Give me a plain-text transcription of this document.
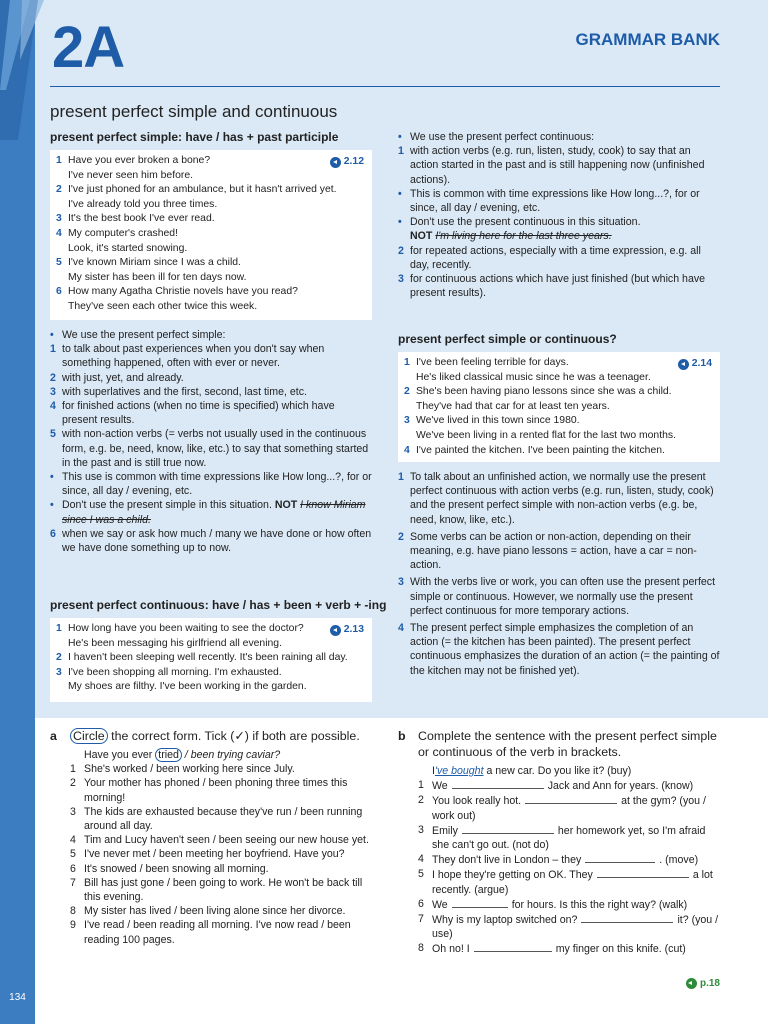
2A	GRAMMAR BANK
present perfect simple and continuous
present perfect simple: have / has + past participle
2.12
1 Have you ever broken a bone?
I've never seen him before.
2 I've just phoned for an ambulance, but it hasn't arrived yet.
I've already told you three times.
3 It's the best book I've ever read.
4 My computer's crashed!
Look, it's started snowing.
5 I've known Miriam since I was a child.
My sister has been ill for ten days now.
6 How many Agatha Christie novels have you read?
They've seen each other twice this week.
• We use the present perfect simple:
1 to talk about past experiences when you don't say when something happened, often with ever or never.
2 with just, yet, and already.
3 with superlatives and the first, second, last time, etc.
4 for finished actions (when no time is specified) which have present results.
5 with non-action verbs (= verbs not usually used in the continuous form, e.g. be, need, know, like, etc.) to say that something started in the past and is still true now.
• This use is common with time expressions like How long...?, for or since, all day / evening, etc.
• Don't use the present simple in this situation. NOT I know Miriam since I was a child.
6 when we say or ask how much / many we have done or how often we have done something up to now.
present perfect continuous: have / has + been + verb + -ing
2.13
1 How long have you been waiting to see the doctor?
He's been messaging his girlfriend all evening.
2 I haven't been sleeping well recently. It's been raining all day.
3 I've been shopping all morning. I'm exhausted.
My shoes are filthy. I've been working in the garden.
• We use the present perfect continuous:
1 with action verbs (e.g. run, listen, study, cook) to say that an action started in the past and is still happening now (unfinished actions).
• This is common with time expressions like How long...?, for or since, all day / evening, etc.
• Don't use the present continuous in this situation.
NOT I'm living here for the last three years.
2 for repeated actions, especially with a time expression, e.g. all day, recently.
3 for continuous actions which have just finished (but which have present results).
present perfect simple or continuous?
2.14
1 I've been feeling terrible for days.
He's liked classical music since he was a teenager.
2 She's been having piano lessons since she was a child.
They've had that car for at least ten years.
3 We've lived in this town since 1980.
We've been living in a rented flat for the last two months.
4 I've painted the kitchen. I've been painting the kitchen.
1 To talk about an unfinished action, we normally use the present perfect continuous with action verbs (e.g. run, listen, study, cook) and the present perfect simple with non-action verbs (e.g. be, need, know, like, etc.).
2 Some verbs can be action or non-action, depending on their meaning, e.g. have piano lessons = action, have a car = non-action.
3 With the verbs live or work, you can often use the present perfect simple or continuous. However, we normally use the present perfect continuous for more temporary actions.
4 The present perfect simple emphasizes the completion of an action (= the kitchen has been painted). The present perfect continuous emphasizes the duration of an action (= the painting of the kitchen may not be finished yet).
a	Circle the correct form. Tick (✓) if both are possible.
Have you ever tried / been trying caviar?
1 She's worked / been working here since July.
2 Your mother has phoned / been phoning three times this morning!
3 The kids are exhausted because they've run / been running around all day.
4 Tim and Lucy haven't seen / been seeing our new house yet.
5 I've never met / been meeting her boyfriend. Have you?
6 It's snowed / been snowing all morning.
7 Bill has just gone / been going to work. He won't be back till this evening.
8 My sister has lived / been living alone since her divorce.
9 I've read / been reading all morning. I've now read / been reading 100 pages.
b	Complete the sentence with the present perfect simple or continuous of the verb in brackets.
I've bought a new car. Do you like it? (buy)
1 We	Jack and Ann for years. (know)
2 You look really hot.	at the gym? (you / work out)
3 Emily	her homework yet, so I'm afraid she can't go out. (not do)
4 They don't live in London – they	. (move)
5 I hope they're getting on OK. They	a lot recently. (argue)
6 We	for hours. Is this the right way? (walk)
7 Why is my laptop switched on?	it? (you / use)
8 Oh no! I	my finger on this knife. (cut)
134
p.18
